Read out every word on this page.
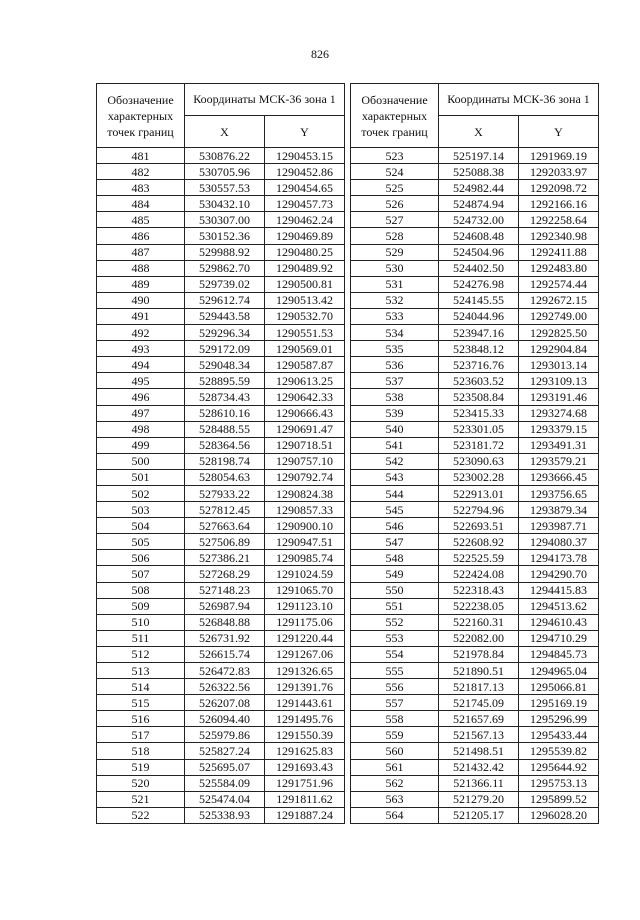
826
Обозначение характерных точек границ	Координаты МСК-36 зона 1	
	X	Y
481	530876.22	1290453.15
482	530705.96	1290452.86
483	530557.53	1290454.65
484	530432.10	1290457.73
485	530307.00	1290462.24
486	530152.36	1290469.89
487	529988.92	1290480.25
488	529862.70	1290489.92
489	529739.02	1290500.81
490	529612.74	1290513.42
491	529443.58	1290532.70
492	529296.34	1290551.53
493	529172.09	1290569.01
494	529048.34	1290587.87
495	528895.59	1290613.25
496	528734.43	1290642.33
497	528610.16	1290666.43
498	528488.55	1290691.47
499	528364.56	1290718.51
500	528198.74	1290757.10
501	528054.63	1290792.74
502	527933.22	1290824.38
503	527812.45	1290857.33
504	527663.64	1290900.10
505	527506.89	1290947.51
506	527386.21	1290985.74
507	527268.29	1291024.59
508	527148.23	1291065.70
509	526987.94	1291123.10
510	526848.88	1291175.06
511	526731.92	1291220.44
512	526615.74	1291267.06
513	526472.83	1291326.65
514	526322.56	1291391.76
515	526207.08	1291443.61
516	526094.40	1291495.76
517	525979.86	1291550.39
518	525827.24	1291625.83
519	525695.07	1291693.43
520	525584.09	1291751.96
521	525474.04	1291811.62
522	525338.93	1291887.24
Обозначение характерных точек границ	Координаты МСК-36 зона 1	
	X	Y
523	525197.14	1291969.19
524	525088.38	1292033.97
525	524982.44	1292098.72
526	524874.94	1292166.16
527	524732.00	1292258.64
528	524608.48	1292340.98
529	524504.96	1292411.88
530	524402.50	1292483.80
531	524276.98	1292574.44
532	524145.55	1292672.15
533	524044.96	1292749.00
534	523947.16	1292825.50
535	523848.12	1292904.84
536	523716.76	1293013.14
537	523603.52	1293109.13
538	523508.84	1293191.46
539	523415.33	1293274.68
540	523301.05	1293379.15
541	523181.72	1293491.31
542	523090.63	1293579.21
543	523002.28	1293666.45
544	522913.01	1293756.65
545	522794.96	1293879.34
546	522693.51	1293987.71
547	522608.92	1294080.37
548	522525.59	1294173.78
549	522424.08	1294290.70
550	522318.43	1294415.83
551	522238.05	1294513.62
552	522160.31	1294610.43
553	522082.00	1294710.29
554	521978.84	1294845.73
555	521890.51	1294965.04
556	521817.13	1295066.81
557	521745.09	1295169.19
558	521657.69	1295296.99
559	521567.13	1295433.44
560	521498.51	1295539.82
561	521432.42	1295644.92
562	521366.11	1295753.13
563	521279.20	1295899.52
564	521205.17	1296028.20
